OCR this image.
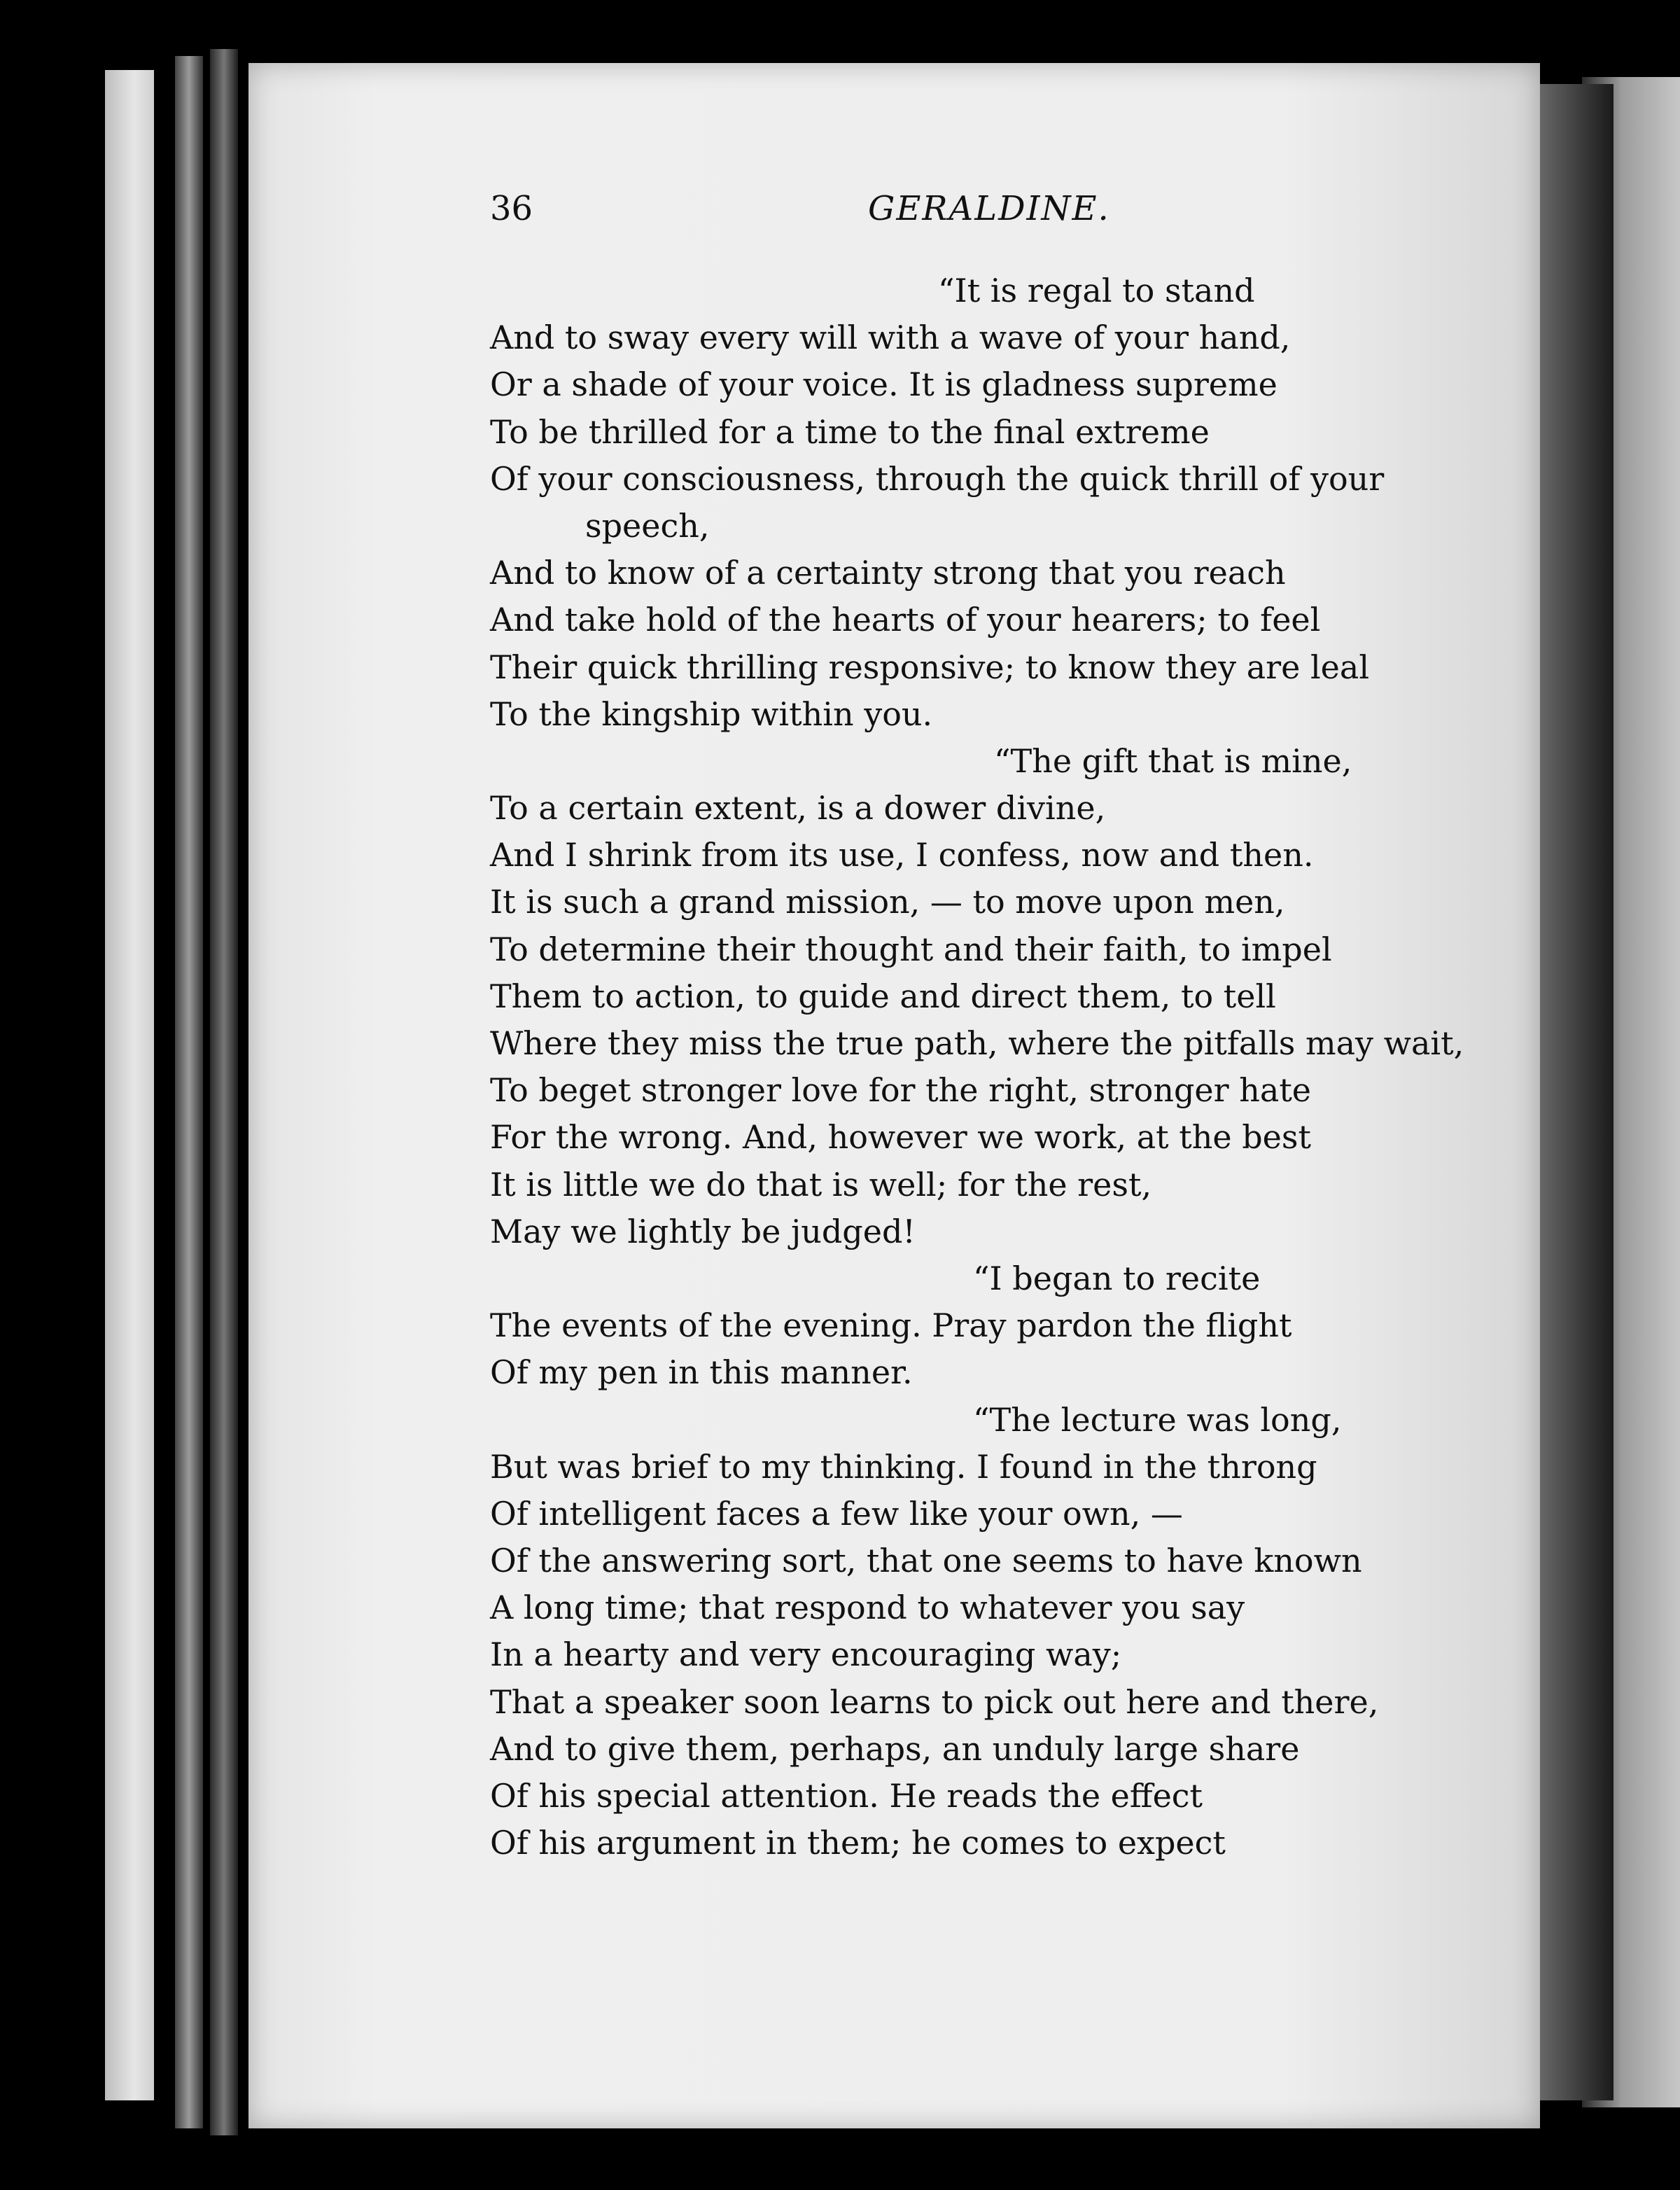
36	GERALDINE.
“It is regal to stand
And to sway every will with a wave of your hand,
Or a shade of your voice. It is gladness supreme
To be thrilled for a time to the final extreme
Of your consciousness, through the quick thrill of your
speech,
And to know of a certainty strong that you reach
And take hold of the hearts of your hearers; to feel
Their quick thrilling responsive; to know they are leal
To the kingship within you.
“The gift that is mine,
To a certain extent, is a dower divine,
And I shrink from its use, I confess, now and then.
It is such a grand mission, — to move upon men,
To determine their thought and their faith, to impel
Them to action, to guide and direct them, to tell
Where they miss the true path, where the pitfalls may wait,
To beget stronger love for the right, stronger hate
For the wrong. And, however we work, at the best
It is little we do that is well; for the rest,
May we lightly be judged!
“I began to recite
The events of the evening. Pray pardon the flight
Of my pen in this manner.
“The lecture was long,
But was brief to my thinking. I found in the throng
Of intelligent faces a few like your own, —
Of the answering sort, that one seems to have known
A long time; that respond to whatever you say
In a hearty and very encouraging way;
That a speaker soon learns to pick out here and there,
And to give them, perhaps, an unduly large share
Of his special attention. He reads the effect
Of his argument in them; he comes to expect
